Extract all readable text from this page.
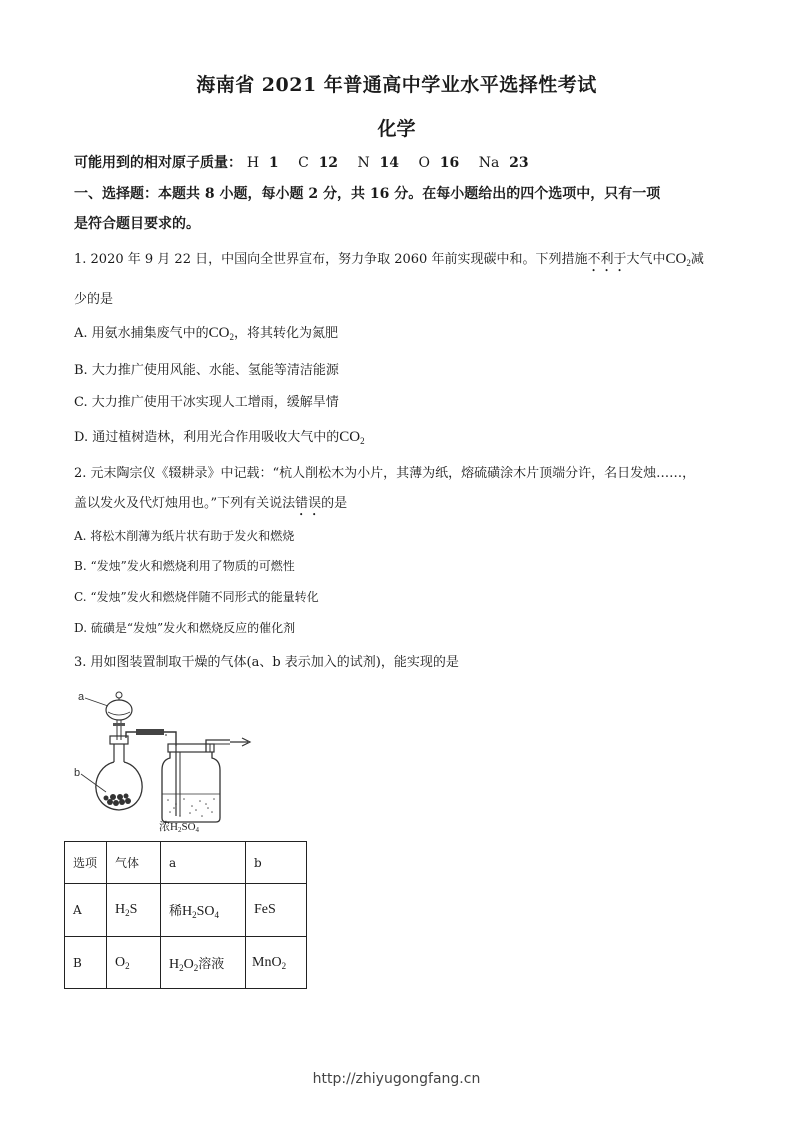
海南省 2021 年普通高中学业水平选择性考试
化学
可能用到的相对原子质量： H 1 C 12 N 14 O 16 Na 23
一、选择题：本题共 8 小题，每小题 2 分，共 16 分。在每小题给出的四个选项中，只有一项
是符合题目要求的。
1. 2020 年 9 月 22 日，中国向全世界宣布，努力争取 2060 年前实现碳中和。下列措施不利于大气中$CO_2$减
少的是
A. 用氨水捕集废气中的$CO_2$，将其转化为氮肥
B. 大力推广使用风能、水能、氢能等清洁能源
C. 大力推广使用干冰实现人工增雨，缓解旱情
D. 通过植树造林，利用光合作用吸收大气中的$CO_2$
2. 元末陶宗仪《辍耕录》中记载：“杭人削松木为小片，其薄为纸，熔硫磺涂木片顶端分许，名日发烛……，
盖以发火及代灯烛用也。”下列有关说法错误的是
A. 将松木削薄为纸片状有助于发火和燃烧
B. “发烛”发火和燃烧利用了物质的可燃性
C. “发烛”发火和燃烧伴随不同形式的能量转化
D. 硫磺是“发烛”发火和燃烧反应的催化剂
3. 用如图装置制取干燥的气体(a、b 表示加入的试剂)，能实现的是
a
b
浓H2SO4
选项	气体	a	b
A	$H_2S$	稀$H_2SO_4$	FeS
B	$O_2$	$H_2O_2$溶液	MnO$_2$
http://zhiyugongfang.cn
